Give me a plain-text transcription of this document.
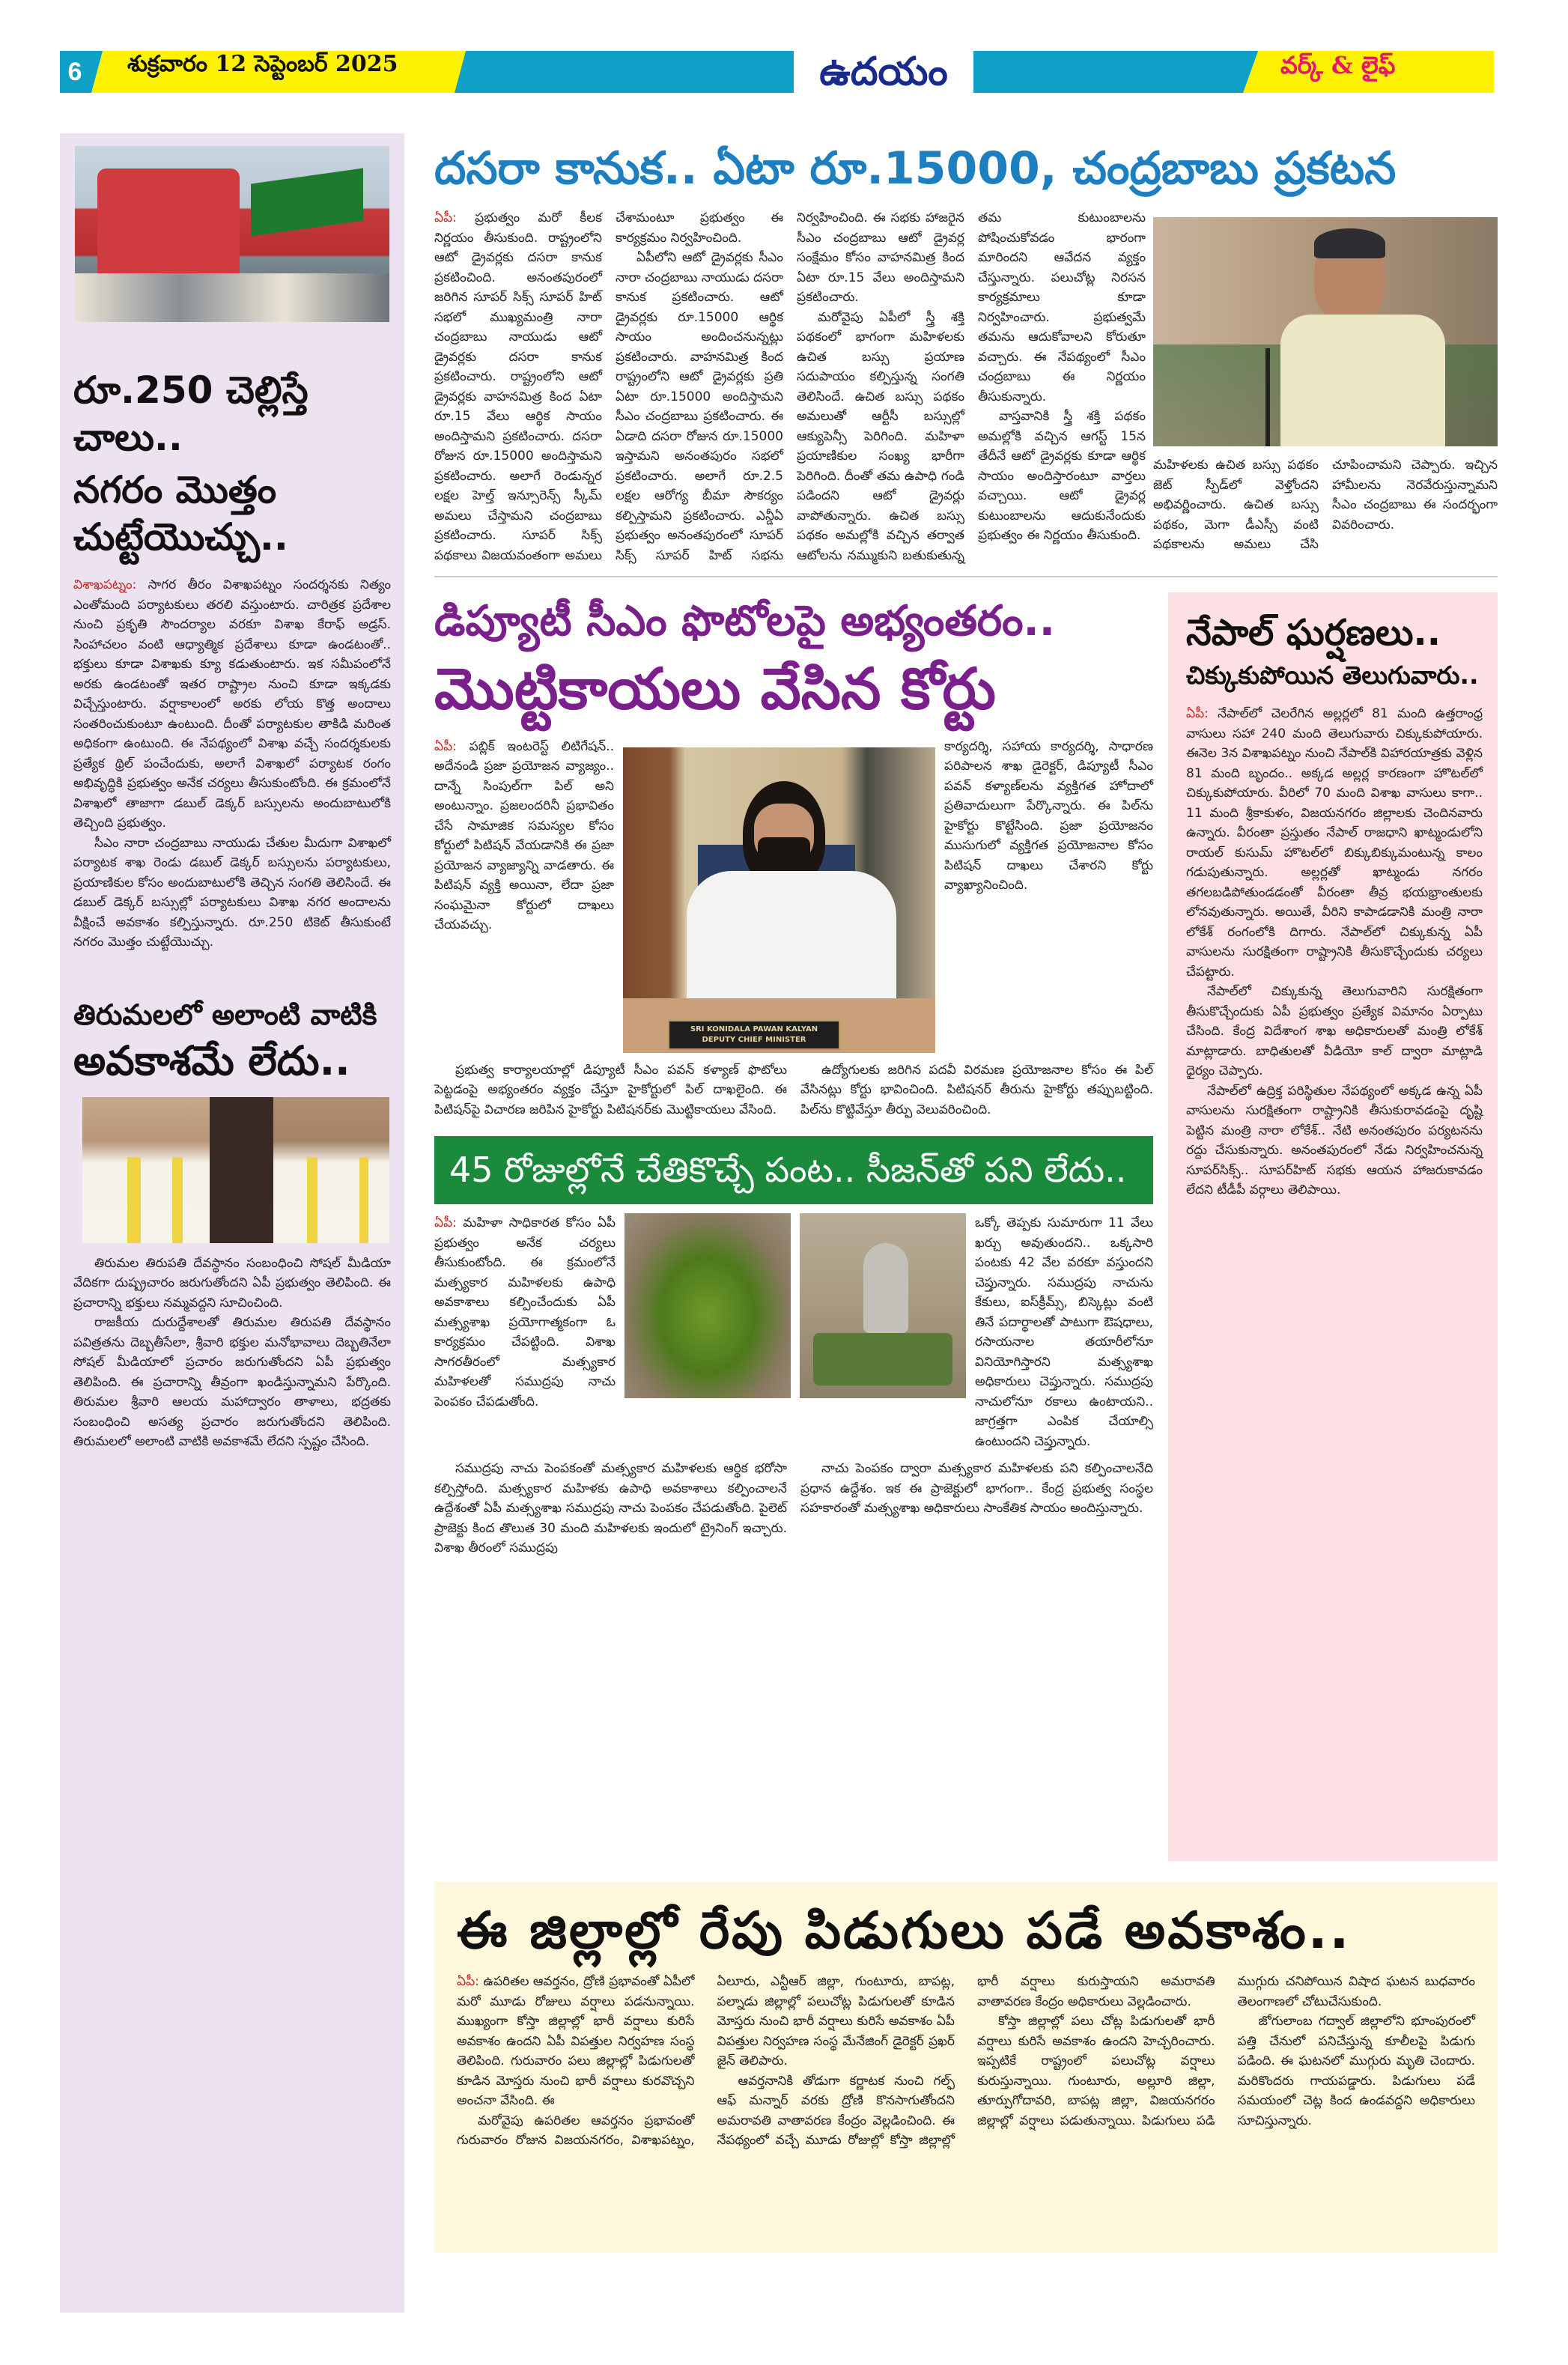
6	శుక్రవారం 12 సెప్టెంబర్ 2025	ఉదయం	వర్క్ & లైఫ్
రూ.250 చెల్లిస్తే చాలు..
నగరం మొత్తం చుట్టేయొచ్చు..

విశాఖపట్నం: సాగర తీరం విశాఖపట్నం సందర్శనకు నిత్యం ఎంతోమంది పర్యాటకులు తరలి వస్తుంటారు. చారిత్రక ప్రదేశాల నుంచి ప్రకృతి సౌందర్యాల వరకూ విశాఖ కేరాఫ్ అడ్రస్. సింహాచలం వంటి ఆధ్యాత్మిక ప్రదేశాలు కూడా ఉండటంతో.. భక్తులు కూడా విశాఖకు క్యూ కడుతుంటారు. ఇక సమీపంలోనే అరకు ఉండటంతో ఇతర రాష్ట్రాల నుంచి కూడా ఇక్కడకు విచ్చేస్తుంటారు. వర్షాకాలంలో అరకు లోయ కొత్త అందాలు సంతరించుకుంటూ ఉంటుంది. దీంతో పర్యాటకుల తాకిడి మరింత అధికంగా ఉంటుంది. ఈ నేపథ్యంలో విశాఖ వచ్చే సందర్శకులకు ప్రత్యేక థ్రిల్ పంచేందుకు, అలాగే విశాఖలో పర్యాటక రంగం అభివృద్ధికి ప్రభుత్వం అనేక చర్యలు తీసుకుంటోంది. ఈ క్రమంలోనే విశాఖలో తాజాగా డబుల్ డెక్కర్ బస్సులను అందుబాటులోకి తెచ్చింది ప్రభుత్వం.

సీఎం నారా చంద్రబాబు నాయుడు చేతుల మీదుగా విశాఖలో పర్యాటక శాఖ రెండు డబుల్ డెక్కర్ బస్సులను పర్యాటకులు, ప్రయాణికుల కోసం అందుబాటులోకి తెచ్చిన సంగతి తెలిసిందే. ఈ డబుల్ డెక్కర్ బస్సుల్లో పర్యాటకులు విశాఖ నగర అందాలను వీక్షించే అవకాశం కల్పిస్తున్నారు. రూ.250 టికెట్ తీసుకుంటే నగరం మొత్తం చుట్టేయొచ్చు.

తిరుమలలో అలాంటి వాటికి
అవకాశమే లేదు..

తిరుమల తిరుపతి దేవస్థానం సంబంధించి సోషల్ మీడియా వేదికగా దుష్ప్రచారం జరుగుతోందని ఏపీ ప్రభుత్వం తెలిపింది. ఈ ప్రచారాన్ని భక్తులు నమ్మవద్దని సూచించింది.

రాజకీయ దురుద్దేశాలతో తిరుమల తిరుపతి దేవస్థానం పవిత్రతను దెబ్బతీసేలా, శ్రీవారి భక్తుల మనోభావాలు దెబ్బతినేలా సోషల్ మీడియాలో ప్రచారం జరుగుతోందని ఏపీ ప్రభుత్వం తెలిపింది. ఈ ప్రచారాన్ని తీవ్రంగా ఖండిస్తున్నామని పేర్కొంది. తిరుమల శ్రీవారి ఆలయ మహాద్వారం తాళాలు, భద్రతకు సంబంధించి అసత్య ప్రచారం జరుగుతోందని తెలిపింది. తిరుమలలో అలాంటి వాటికి అవకాశమే లేదని స్పష్టం చేసింది.

దసరా కానుక.. ఏటా రూ.15000, చంద్రబాబు ప్రకటన

ఏపీ: ప్రభుత్వం మరో కీలక నిర్ణయం తీసుకుంది. రాష్ట్రంలోని ఆటో డ్రైవర్లకు దసరా కానుక ప్రకటించింది. అనంతపురంలో జరిగిన సూపర్ సిక్స్ సూపర్ హిట్ సభలో ముఖ్యమంత్రి నారా చంద్రబాబు నాయుడు ఆటో డ్రైవర్లకు దసరా కానుక ప్రకటించారు. రాష్ట్రంలోని ఆటో డ్రైవర్లకు వాహనమిత్ర కింద ఏటా రూ.15 వేలు ఆర్థిక సాయం అందిస్తామని ప్రకటించారు. దసరా రోజున రూ.15000 అందిస్తామని ప్రకటించారు. అలాగే రెండున్నర లక్షల హెల్త్ ఇన్సూరెన్స్ స్కీమ్ అమలు చేస్తామని చంద్రబాబు ప్రకటించారు. సూపర్ సిక్స్ పథకాలు విజయవంతంగా అమలు చేశామంటూ ప్రభుత్వం ఈ కార్యక్రమం నిర్వహించింది.

ఏపీలోని ఆటో డ్రైవర్లకు సీఎం నారా చంద్రబాబు నాయుడు దసరా కానుక ప్రకటించారు. ఆటో డ్రైవర్లకు రూ.15000 ఆర్థిక సాయం అందించనున్నట్లు ప్రకటించారు. వాహనమిత్ర కింద రాష్ట్రంలోని ఆటో డ్రైవర్లకు ప్రతి ఏటా రూ.15000 అందిస్తామని సీఎం చంద్రబాబు ప్రకటించారు. ఈ ఏడాది దసరా రోజున రూ.15000 ఇస్తామని అనంతపురం సభలో ప్రకటించారు. అలాగే రూ.2.5 లక్షల ఆరోగ్య బీమా సౌకర్యం కల్పిస్తామని ప్రకటించారు. ఎన్డీఏ ప్రభుత్వం అనంతపురంలో సూపర్ సిక్స్ సూపర్ హిట్ సభను నిర్వహించింది. ఈ సభకు హాజరైన సీఎం చంద్రబాబు ఆటో డ్రైవర్ల సంక్షేమం కోసం వాహనమిత్ర కింద ఏటా రూ.15 వేలు అందిస్తామని ప్రకటించారు.

మరోవైపు ఏపీలో స్త్రీ శక్తి పథకంలో భాగంగా మహిళలకు ఉచిత బస్సు ప్రయాణ సదుపాయం కల్పిస్తున్న సంగతి తెలిసిందే. ఉచిత బస్సు పథకం అమలుతో ఆర్టీసీ బస్సుల్లో ఆక్యుపెన్సీ పెరిగింది. మహిళా ప్రయాణికుల సంఖ్య భారీగా పెరిగింది. దీంతో తమ ఉపాధి గండి పడిందని ఆటో డ్రైవర్లు వాపోతున్నారు. ఉచిత బస్సు పథకం అమల్లోకి వచ్చిన తర్వాత ఆటోలను నమ్ముకుని బతుకుతున్న తమ కుటుంబాలను పోషించుకోవడం భారంగా మారిందని ఆవేదన వ్యక్తం చేస్తున్నారు. పలుచోట్ల నిరసన కార్యక్రమాలు కూడా నిర్వహించారు. ప్రభుత్వమే తమను ఆదుకోవాలని కోరుతూ వచ్చారు. ఈ నేపథ్యంలో సీఎం చంద్రబాబు ఈ నిర్ణయం తీసుకున్నారు.

వాస్తవానికి స్త్రీ శక్తి పథకం అమల్లోకి వచ్చిన ఆగస్ట్ 15న తేదీనే ఆటో డ్రైవర్లకు కూడా ఆర్థిక సాయం అందిస్తారంటూ వార్తలు వచ్చాయి. ఆటో డ్రైవర్ల కుటుంబాలను ఆదుకునేందుకు ప్రభుత్వం ఈ నిర్ణయం తీసుకుంది.

మహిళలకు ఉచిత బస్సు పథకం జెట్ స్పీడ్‌లో వెళ్తోందని అభివర్ణించారు. ఉచిత బస్సు పథకం, మెగా డీఎస్సీ వంటి పథకాలను అమలు చేసి చూపించామని చెప్పారు. ఇచ్చిన హామీలను నెరవేరుస్తున్నామని సీఎం చంద్రబాబు ఈ సందర్భంగా వివరించారు.

డిప్యూటీ సీఎం ఫొటోలపై అభ్యంతరం..
మొట్టికాయలు వేసిన కోర్టు

ఏపీ: పబ్లిక్ ఇంటరెస్ట్ లిటిగేషన్.. అదేనండి ప్రజా ప్రయోజన వ్యాజ్యం.. దాన్నే సింపుల్‌గా పిల్ అని అంటున్నాం. ప్రజలందరినీ ప్రభావితం చేసే సామాజిక సమస్యల కోసం కోర్టులో పిటిషన్ వేయడానికి ఈ ప్రజా ప్రయోజన వ్యాజ్యాన్ని వాడతారు. ఈ పిటిషన్ వ్యక్తి అయినా, లేదా ప్రజా సంఘమైనా కోర్టులో దాఖలు చేయవచ్చు.

SRI KONIDALA PAWAN KALYAN
DEPUTY CHIEF MINISTER

కార్యదర్శి, సహాయ కార్యదర్శి, సాధారణ పరిపాలన శాఖ డైరెక్టర్, డిప్యూటీ సీఎం పవన్ కళ్యాణ్‌లను వ్యక్తిగత హోదాలో ప్రతివాదులుగా పేర్కొన్నారు. ఈ పిల్‌ను హైకోర్టు కొట్టేసింది. ప్రజా ప్రయోజనం ముసుగులో వ్యక్తిగత ప్రయోజనాల కోసం పిటిషన్ దాఖలు చేశారని కోర్టు వ్యాఖ్యానించింది.

ప్రభుత్వ కార్యాలయాల్లో డిప్యూటీ సీఎం పవన్ కళ్యాణ్ ఫొటోలు పెట్టడంపై అభ్యంతరం వ్యక్తం చేస్తూ హైకోర్టులో పిల్ దాఖలైంది. ఈ పిటిషన్‌పై విచారణ జరిపిన హైకోర్టు పిటిషనర్‌కు మొట్టికాయలు వేసింది.

ఉద్యోగులకు జరిగిన పదవీ విరమణ ప్రయోజనాల కోసం ఈ పిల్ వేసినట్లు కోర్టు భావించింది. పిటిషనర్ తీరును హైకోర్టు తప్పుబట్టింది. పిల్‌ను కొట్టివేస్తూ తీర్పు వెలువరించింది.

45 రోజుల్లోనే చేతికొచ్చే పంట.. సీజన్‌తో పని లేదు..

ఏపీ: మహిళా సాధికారత కోసం ఏపీ ప్రభుత్వం అనేక చర్యలు తీసుకుంటోంది. ఈ క్రమంలోనే మత్స్యకార మహిళలకు ఉపాధి అవకాశాలు కల్పించేందుకు ఏపీ మత్స్యశాఖ ప్రయోగాత్మకంగా ఓ కార్యక్రమం చేపట్టింది. విశాఖ సాగరతీరంలో మత్స్యకార మహిళలతో సముద్రపు నాచు పెంపకం చేపడుతోంది.

ఒక్కో తెప్పకు సుమారుగా 11 వేలు ఖర్చు అవుతుందని.. ఒక్కసారి పంటకు 42 వేల వరకూ వస్తుందని చెప్తున్నారు. సముద్రపు నాచును కేకులు, ఐస్‌క్రీమ్స్, బిస్కెట్లు వంటి తినే పదార్థాలతో పాటుగా ఔషధాలు, రసాయనాల తయారీలోనూ వినియోగిస్తారని మత్స్యశాఖ అధికారులు చెప్తున్నారు. సముద్రపు నాచులోనూ రకాలు ఉంటాయని.. జాగ్రత్తగా ఎంపిక చేయాల్సి ఉంటుందని చెప్తున్నారు.

సముద్రపు నాచు పెంపకంతో మత్స్యకార మహిళలకు ఆర్థిక భరోసా కల్పిస్తోంది. మత్స్యకార మహిళకు ఉపాధి అవకాశాలు కల్పించాలనే ఉద్దేశంతో ఏపీ మత్స్యశాఖ సముద్రపు నాచు పెంపకం చేపడుతోంది. పైలెట్ ప్రాజెక్టు కింద తొలుత 30 మంది మహిళలకు ఇందులో ట్రైనింగ్ ఇచ్చారు. విశాఖ తీరంలో సముద్రపు

నాచు పెంపకం ద్వారా మత్స్యకార మహిళలకు పని కల్పించాలనేది ప్రధాన ఉద్దేశం. ఇక ఈ ప్రాజెక్టులో భాగంగా.. కేంద్ర ప్రభుత్వ సంస్థల సహకారంతో మత్స్యశాఖ అధికారులు సాంకేతిక సాయం అందిస్తున్నారు.

నేపాల్ ఘర్షణలు..
చిక్కుకుపోయిన తెలుగువారు..

ఏపీ: నేపాల్‌లో చెలరేగిన అల్లర్లలో 81 మంది ఉత్తరాంధ్ర వాసులు సహా 240 మంది తెలుగువారు చిక్కుకుపోయారు. ఈనెల 3న విశాఖపట్నం నుంచి నేపాల్‌కి విహారయాత్రకు వెళ్లిన 81 మంది బృందం.. అక్కడ అల్లర్ల కారణంగా హొటల్‌లో చిక్కుకుపోయారు. వీరిలో 70 మంది విశాఖ వాసులు కాగా.. 11 మంది శ్రీకాకుళం, విజయనగరం జిల్లాలకు చెందినవారు ఉన్నారు. వీరంతా ప్రస్తుతం నేపాల్ రాజధాని ఖాట్మండులోని రాయల్ కుసుమ్ హొటల్‌లో బిక్కుబిక్కుమంటున్న కాలం గడుపుతున్నారు. అల్లర్లతో ఖాట్మండు నగరం తగలబడిపోతుండడంతో వీరంతా తీవ్ర భయభ్రాంతులకు లోనవుతున్నారు. అయితే, వీరిని కాపాడడానికి మంత్రి నారా లోకేశ్ రంగంలోకి దిగారు. నేపాల్‌లో చిక్కుకున్న ఏపీ వాసులను సురక్షితంగా రాష్ట్రానికి తీసుకొచ్చేందుకు చర్యలు చేపట్టారు.

నేపాల్‌లో చిక్కుకున్న తెలుగువారిని సురక్షితంగా తీసుకొచ్చేందుకు ఏపీ ప్రభుత్వం ప్రత్యేక విమానం ఏర్పాటు చేసింది. కేంద్ర విదేశాంగ శాఖ అధికారులతో మంత్రి లోకేశ్ మాట్లాడారు. బాధితులతో వీడియో కాల్ ద్వారా మాట్లాడి ధైర్యం చెప్పారు.

నేపాల్‌లో ఉద్రిక్త పరిస్థితుల నేపథ్యంలో అక్కడ ఉన్న ఏపీ వాసులను సురక్షితంగా రాష్ట్రానికి తీసుకురావడంపై దృష్టి పెట్టిన మంత్రి నారా లోకేశ్.. నేటి అనంతపురం పర్యటనను రద్దు చేసుకున్నారు. అనంతపురంలో నేడు నిర్వహించనున్న సూపర్‌సిక్స్.. సూపర్‌హిట్ సభకు ఆయన హాజరుకావడం లేదని టీడీపీ వర్గాలు తెలిపాయి.

ఈ జిల్లాల్లో రేపు పిడుగులు పడే అవకాశం..

ఏపీ: ఉపరితల ఆవర్తనం, ద్రోణి ప్రభావంతో ఏపీలో మరో మూడు రోజులు వర్షాలు పడనున్నాయి. ముఖ్యంగా కోస్తా జిల్లాల్లో భారీ వర్షాలు కురిసే అవకాశం ఉందని ఏపీ విపత్తుల నిర్వహణ సంస్థ తెలిపింది. గురువారం పలు జిల్లాల్లో పిడుగులతో కూడిన మోస్తరు నుంచి భారీ వర్షాలు కురవొచ్చని అంచనా వేసింది. ఈ

మరోవైపు ఉపరితల ఆవర్తనం ప్రభావంతో గురువారం రోజున విజయనగరం, విశాఖపట్నం, ఏలూరు, ఎన్టీఆర్ జిల్లా, గుంటూరు, బాపట్ల, పల్నాడు జిల్లాల్లో పలుచోట్ల పిడుగులతో కూడిన మోస్తరు నుంచి భారీ వర్షాలు కురిసే అవకాశం ఏపీ విపత్తుల నిర్వహణ సంస్థ మేనేజింగ్ డైరెక్టర్ ప్రఖర్ జైన్ తెలిపారు.

ఆవర్తనానికి తోడుగా కర్ణాటక నుంచి గల్ఫ్ ఆఫ్ మన్నార్ వరకు ద్రోణి కొనసాగుతోందని అమరావతి వాతావరణ కేంద్రం వెల్లడించింది. ఈ నేపథ్యంలో వచ్చే మూడు రోజుల్లో కోస్తా జిల్లాల్లో భారీ వర్షాలు కురుస్తాయని అమరావతి వాతావరణ కేంద్రం అధికారులు వెల్లడించారు.

కోస్తా జిల్లాల్లో పలు చోట్ల పిడుగులతో భారీ వర్షాలు కురిసే అవకాశం ఉందని హెచ్చరించారు. ఇప్పటికే రాష్ట్రంలో పలుచోట్ల వర్షాలు కురుస్తున్నాయి. గుంటూరు, అల్లూరి జిల్లా, తూర్పుగోదావరి, బాపట్ల జిల్లా, విజయనగరం జిల్లాల్లో వర్షాలు పడుతున్నాయి. పిడుగులు పడి ముగ్గురు చనిపోయిన విషాద ఘటన బుధవారం తెలంగాణలో చోటుచేసుకుంది.

జోగులాంబ గద్వాల్ జిల్లాలోని భూంపురంలో పత్తి చేనులో పనిచేస్తున్న కూలీలపై పిడుగు పడింది. ఈ ఘటనలో ముగ్గురు మృతి చెందారు. మరికొందరు గాయపడ్డారు. పిడుగులు పడే సమయంలో చెట్ల కింద ఉండవద్దని అధికారులు సూచిస్తున్నారు.
